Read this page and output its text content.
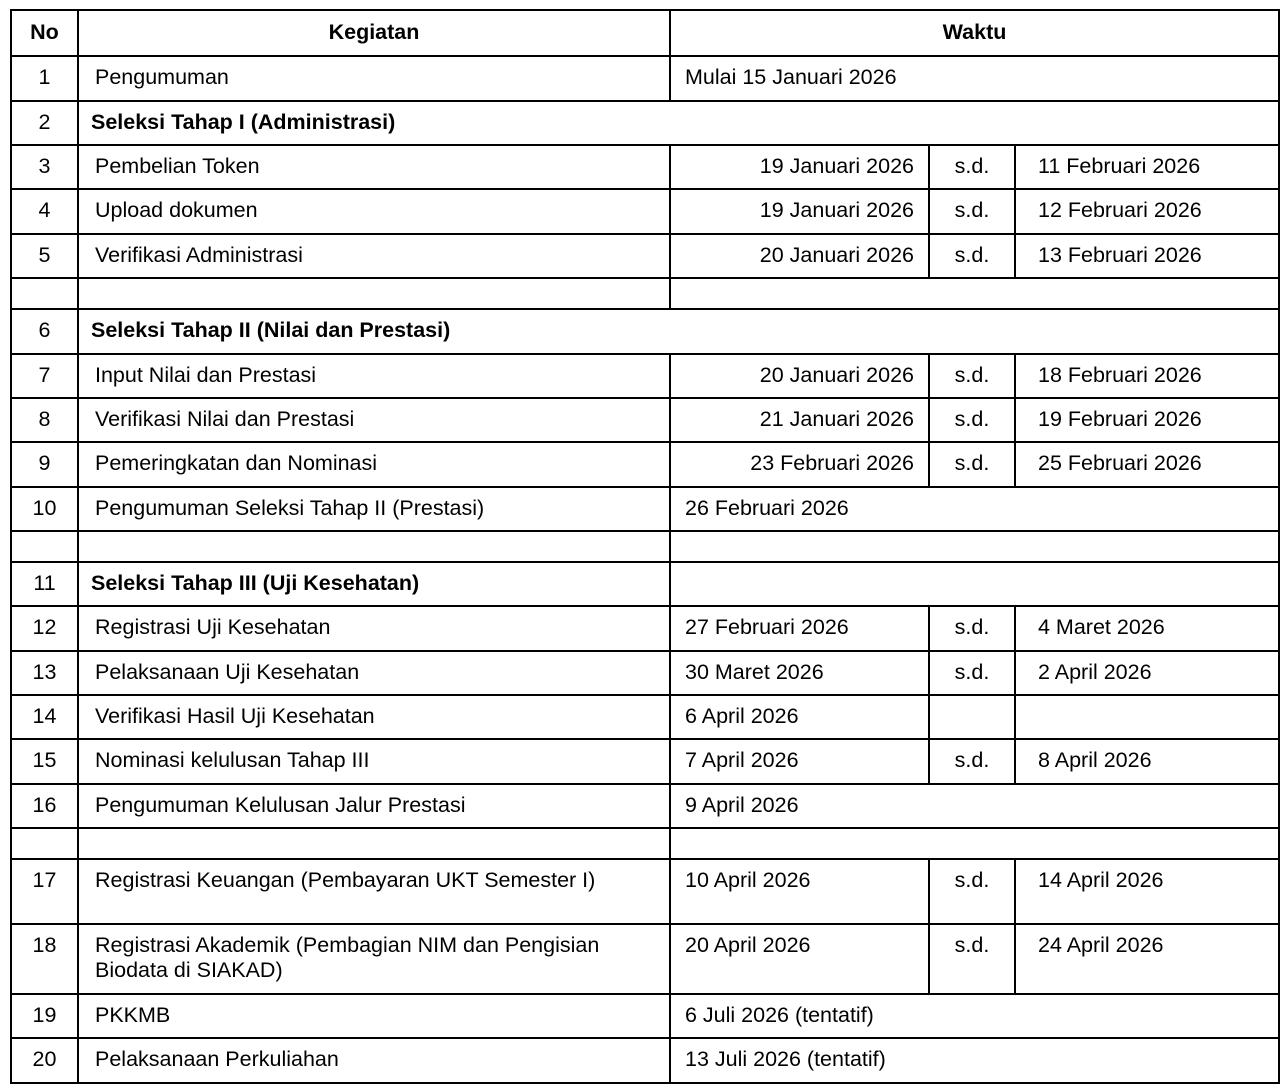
No	Kegiatan	Waktu		

1	Pengumuman	Mulai 15 Januari 2026		

2	Seleksi Tahap I (Administrasi)			

3	Pembelian Token	19 Januari 2026	s.d.	11 Februari 2026

4	Upload dokumen	19 Januari 2026	s.d.	12 Februari 2026

5	Verifikasi Administrasi	20 Januari 2026	s.d.	13 Februari 2026

6	Seleksi Tahap II (Nilai dan Prestasi)			

7	Input Nilai dan Prestasi	20 Januari 2026	s.d.	18 Februari 2026

8	Verifikasi Nilai dan Prestasi	21 Januari 2026	s.d.	19 Februari 2026

9	Pemeringkatan dan Nominasi	23 Februari 2026	s.d.	25 Februari 2026

10	Pengumuman Seleksi Tahap II (Prestasi)	26 Februari 2026		

11	Seleksi Tahap III (Uji Kesehatan)			

12	Registrasi Uji Kesehatan	27 Februari 2026	s.d.	4 Maret 2026

13	Pelaksanaan Uji Kesehatan	30 Maret 2026	s.d.	2 April 2026

14	Verifikasi Hasil Uji Kesehatan	6 April 2026		

15	Nominasi kelulusan Tahap III	7 April 2026	s.d.	8 April 2026

16	Pengumuman Kelulusan Jalur Prestasi	9 April 2026		

17	Registrasi Keuangan (Pembayaran UKT Semester I)	10 April 2026	s.d.	14 April 2026

18	Registrasi Akademik (Pembagian NIM dan Pengisian Biodata di SIAKAD)	20 April 2026	s.d.	24 April 2026

19	PKKMB	6 Juli 2026 (tentatif)		

20	Pelaksanaan Perkuliahan	13 Juli 2026 (tentatif)		
